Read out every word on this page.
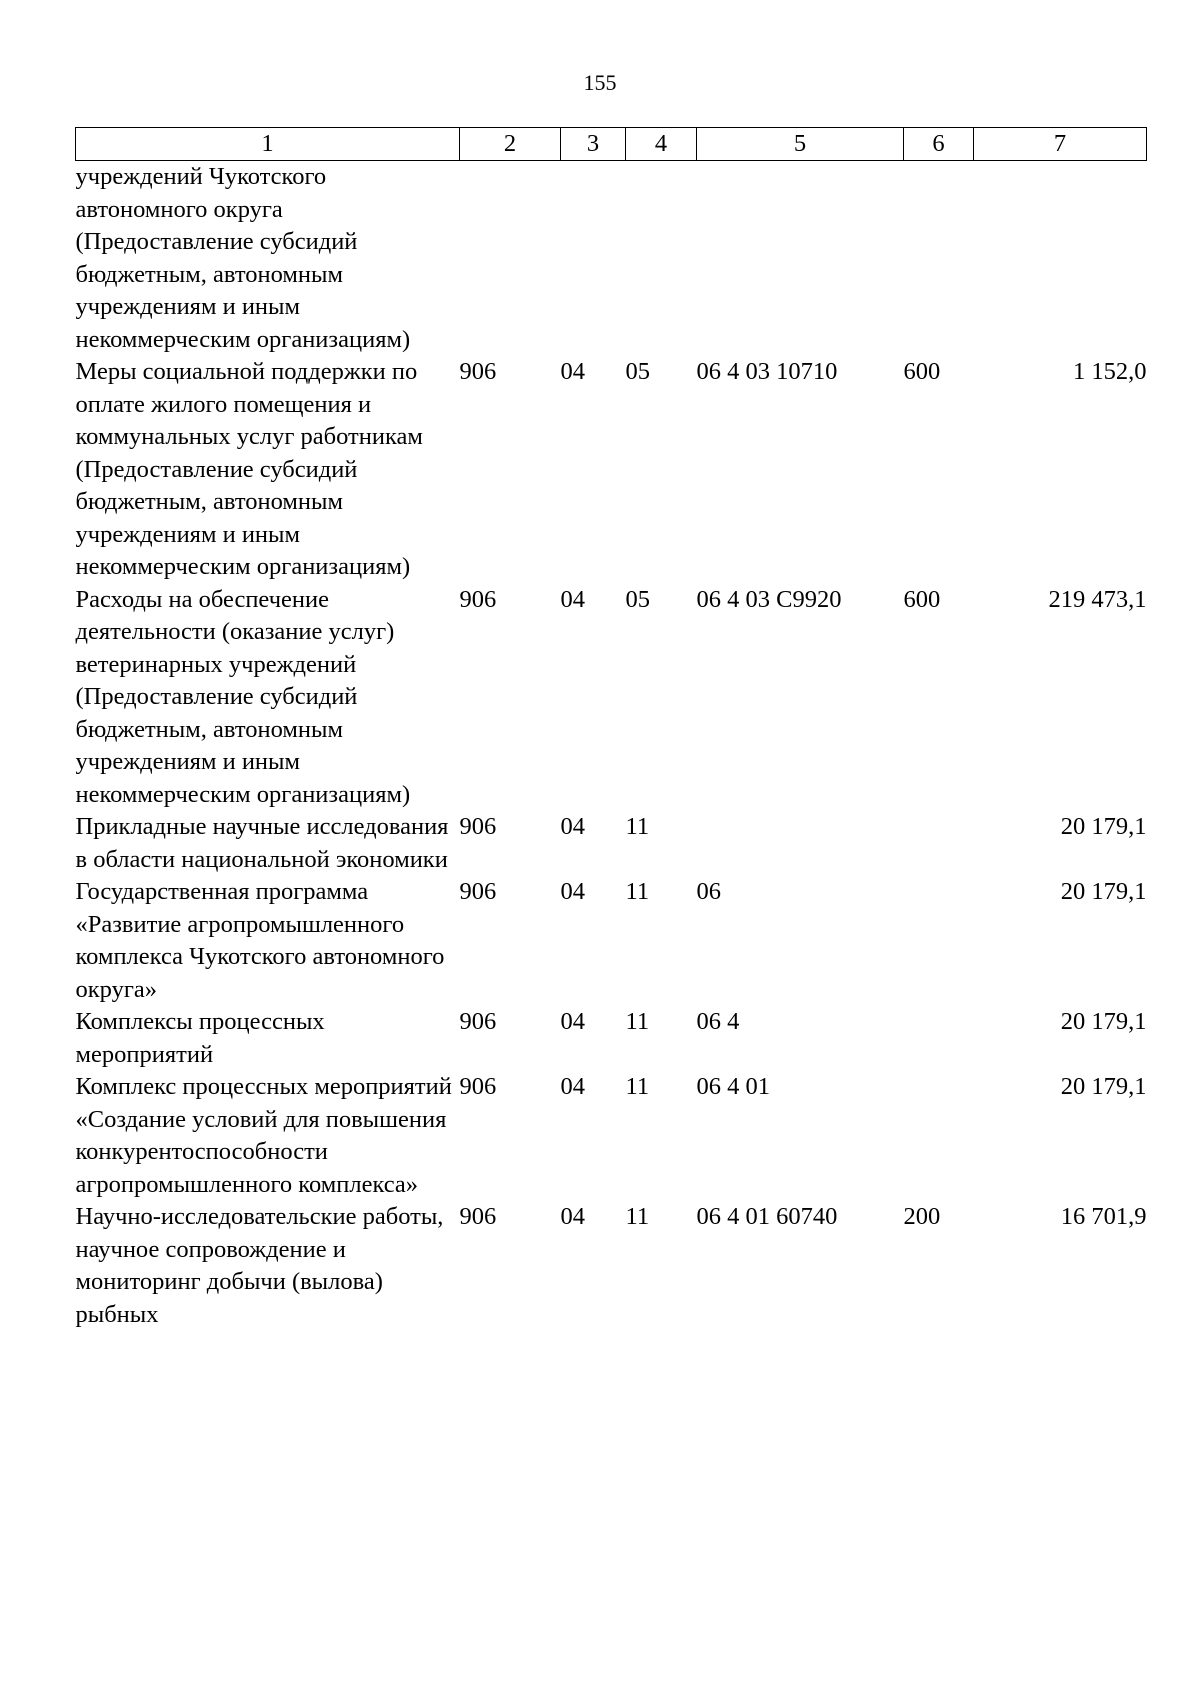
155
1	2	3	4	5	6	7
учреждений Чукотского автономного округа (Предоставление субсидий бюджетным, автономным учреждениям и иным некоммерческим организациям)						
Меры социальной поддержки по оплате жилого помещения и коммунальных услуг работникам (Предоставление субсидий бюджетным, автономным учреждениям и иным некоммерческим организациям)	906	04	05	06 4 03 10710	600	1 152,0
Расходы на обеспечение деятельности (оказание услуг) ветеринарных учреждений (Предоставление субсидий бюджетным, автономным учреждениям и иным некоммерческим организациям)	906	04	05	06 4 03 С9920	600	219 473,1
Прикладные научные исследования в области национальной экономики	906	04	11			20 179,1
Государственная программа «Развитие агропромышленного комплекса Чукотского автономного округа»	906	04	11	06		20 179,1
Комплексы процессных мероприятий	906	04	11	06 4		20 179,1
Комплекс процессных мероприятий «Создание условий для повышения конкурентоспособности агропромышленного комплекса»	906	04	11	06 4 01		20 179,1
Научно-исследовательские работы, научное сопровождение и мониторинг добычи (вылова) рыбных	906	04	11	06 4 01 60740	200	16 701,9
